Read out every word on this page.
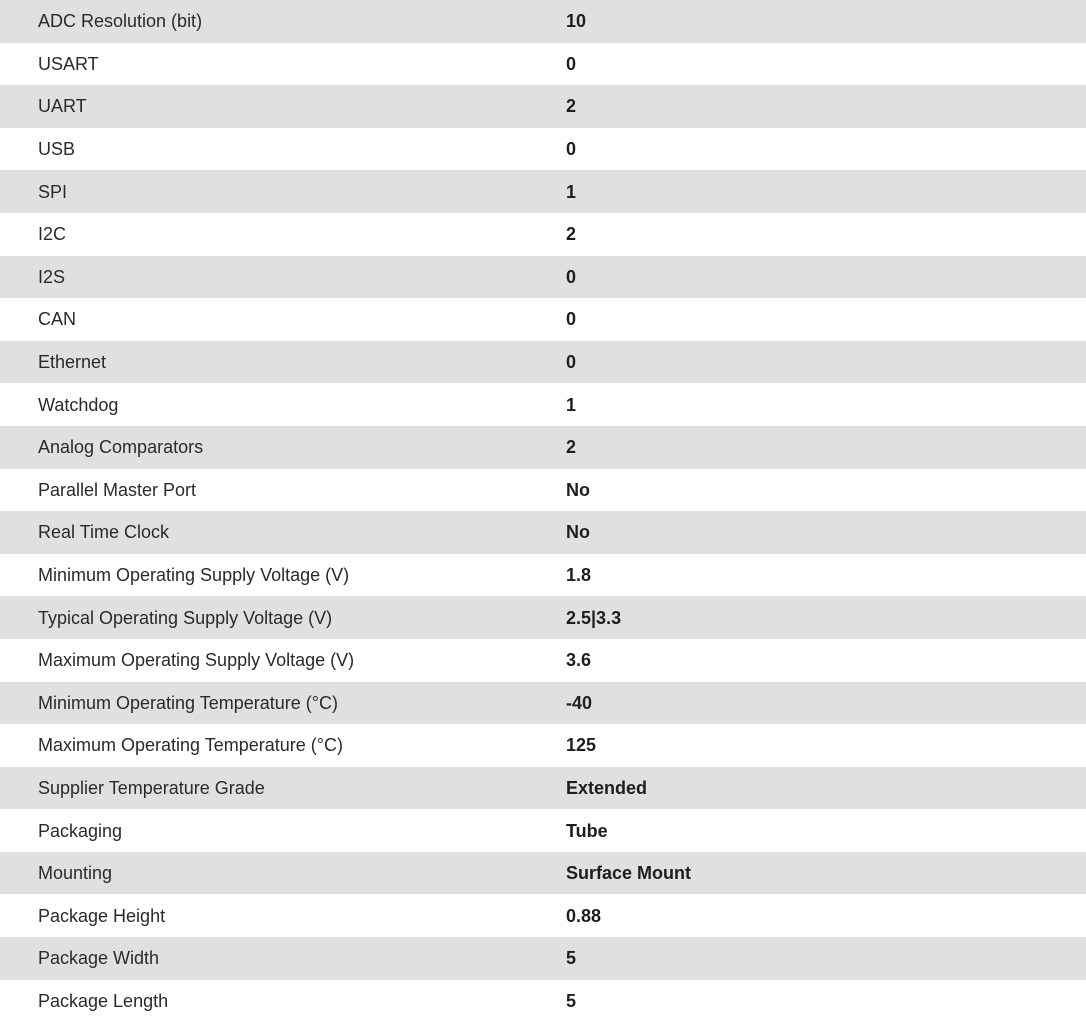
ADC Resolution (bit)	10
USART	0
UART	2
USB	0
SPI	1
I2C	2
I2S	0
CAN	0
Ethernet	0
Watchdog	1
Analog Comparators	2
Parallel Master Port	No
Real Time Clock	No
Minimum Operating Supply Voltage (V)	1.8
Typical Operating Supply Voltage (V)	2.5|3.3
Maximum Operating Supply Voltage (V)	3.6
Minimum Operating Temperature (°C)	-40
Maximum Operating Temperature (°C)	125
Supplier Temperature Grade	Extended
Packaging	Tube
Mounting	Surface Mount
Package Height	0.88
Package Width	5
Package Length	5
